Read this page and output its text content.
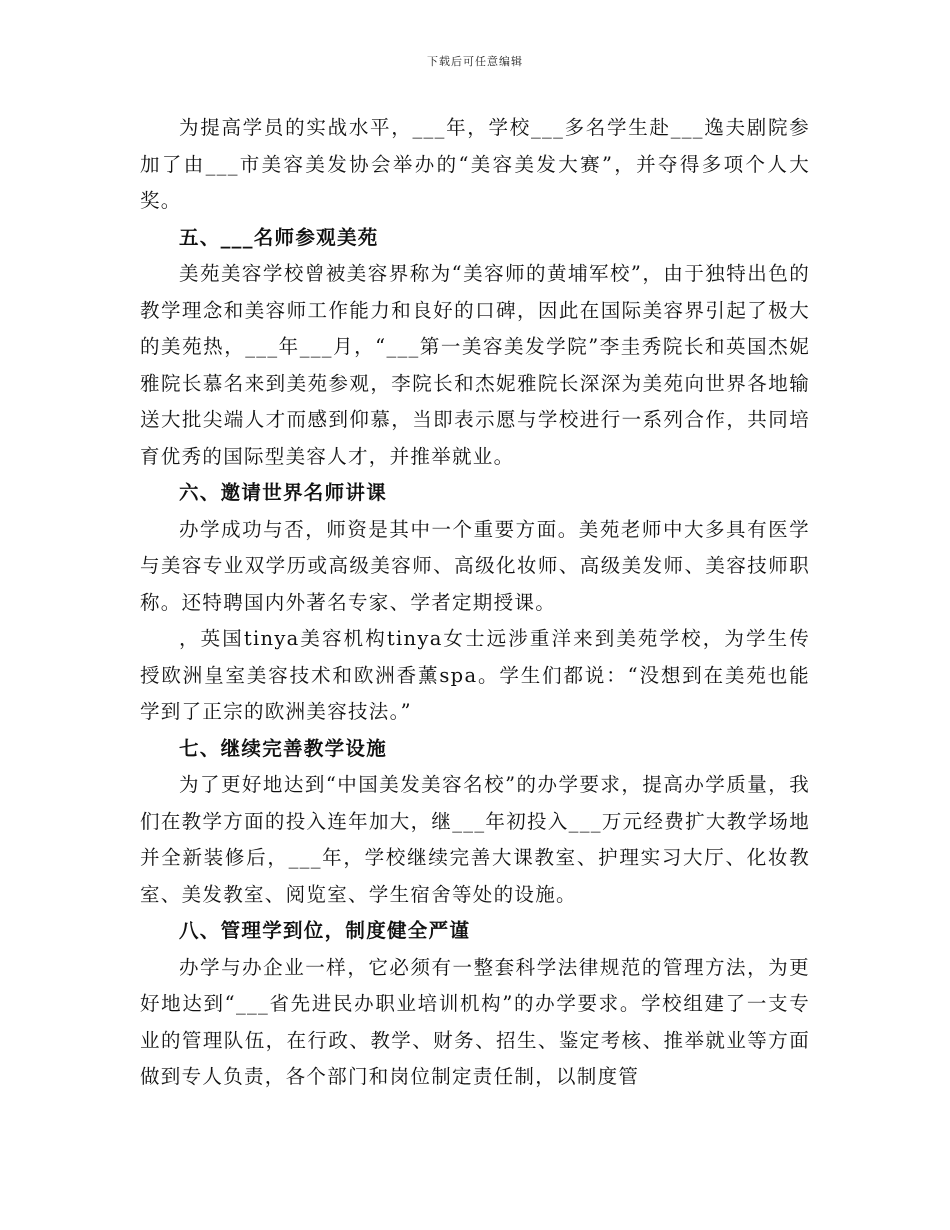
下载后可任意编辑

为提高学员的实战水平，___年，学校___多名学生赴___逸夫剧院参加了由___市美容美发协会举办的“美容美发大赛”，并夺得多项个人大奖。

五、___名师参观美苑

美苑美容学校曾被美容界称为“美容师的黄埔军校”，由于独特出色的教学理念和美容师工作能力和良好的口碑，因此在国际美容界引起了极大的美苑热，___年___月，“___第一美容美发学院”李圭秀院长和英国杰妮雅院长慕名来到美苑参观，李院长和杰妮雅院长深深为美苑向世界各地输送大批尖端人才而感到仰慕，当即表示愿与学校进行一系列合作，共同培育优秀的国际型美容人才，并推举就业。

六、邀请世界名师讲课

办学成功与否，师资是其中一个重要方面。美苑老师中大多具有医学与美容专业双学历或高级美容师、高级化妆师、高级美发师、美容技师职称。还特聘国内外著名专家、学者定期授课。

，英国tinya美容机构tinya女士远涉重洋来到美苑学校，为学生传授欧洲皇室美容技术和欧洲香薰spa。学生们都说：“没想到在美苑也能学到了正宗的欧洲美容技法。”

七、继续完善教学设施

为了更好地达到“中国美发美容名校”的办学要求，提高办学质量，我们在教学方面的投入连年加大，继___年初投入___万元经费扩大教学场地并全新装修后，___年，学校继续完善大课教室、护理实习大厅、化妆教室、美发教室、阅览室、学生宿舍等处的设施。

八、管理学到位，制度健全严谨

办学与办企业一样，它必须有一整套科学法律规范的管理方法，为更好地达到“___省先进民办职业培训机构”的办学要求。学校组建了一支专业的管理队伍，在行政、教学、财务、招生、鉴定考核、推举就业等方面做到专人负责，各个部门和岗位制定责任制，以制度管
